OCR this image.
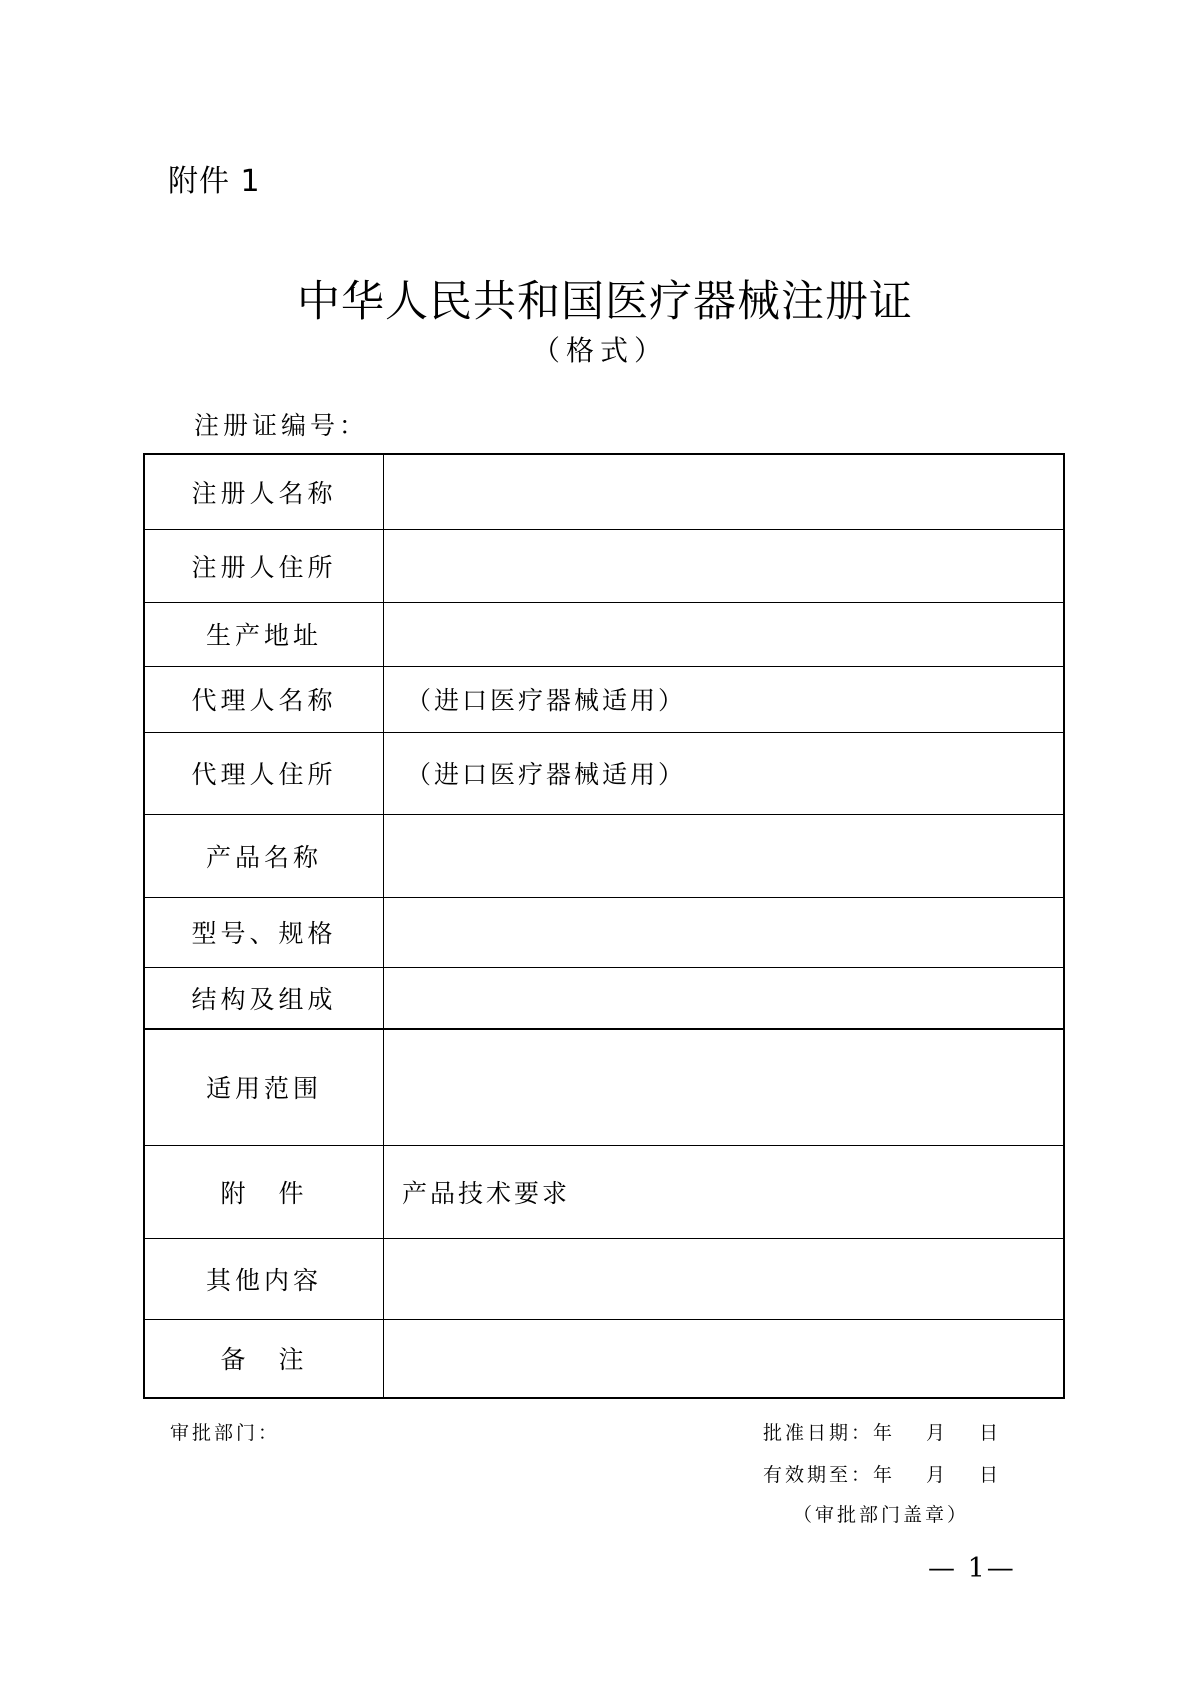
附件 1
中华人民共和国医疗器械注册证
（格式）
注册证编号：
注册人名称	
注册人住所	
生产地址	
代理人名称	（进口医疗器械适用）
代理人住所	（进口医疗器械适用）
产品名称	
型号、规格	
结构及组成	
适用范围	
附　件	产品技术要求
其他内容	
备　注	
审批部门：	批准日期：年　 月　 日
有效期至：年　 月　 日
（审批部门盖章）
— 1—
